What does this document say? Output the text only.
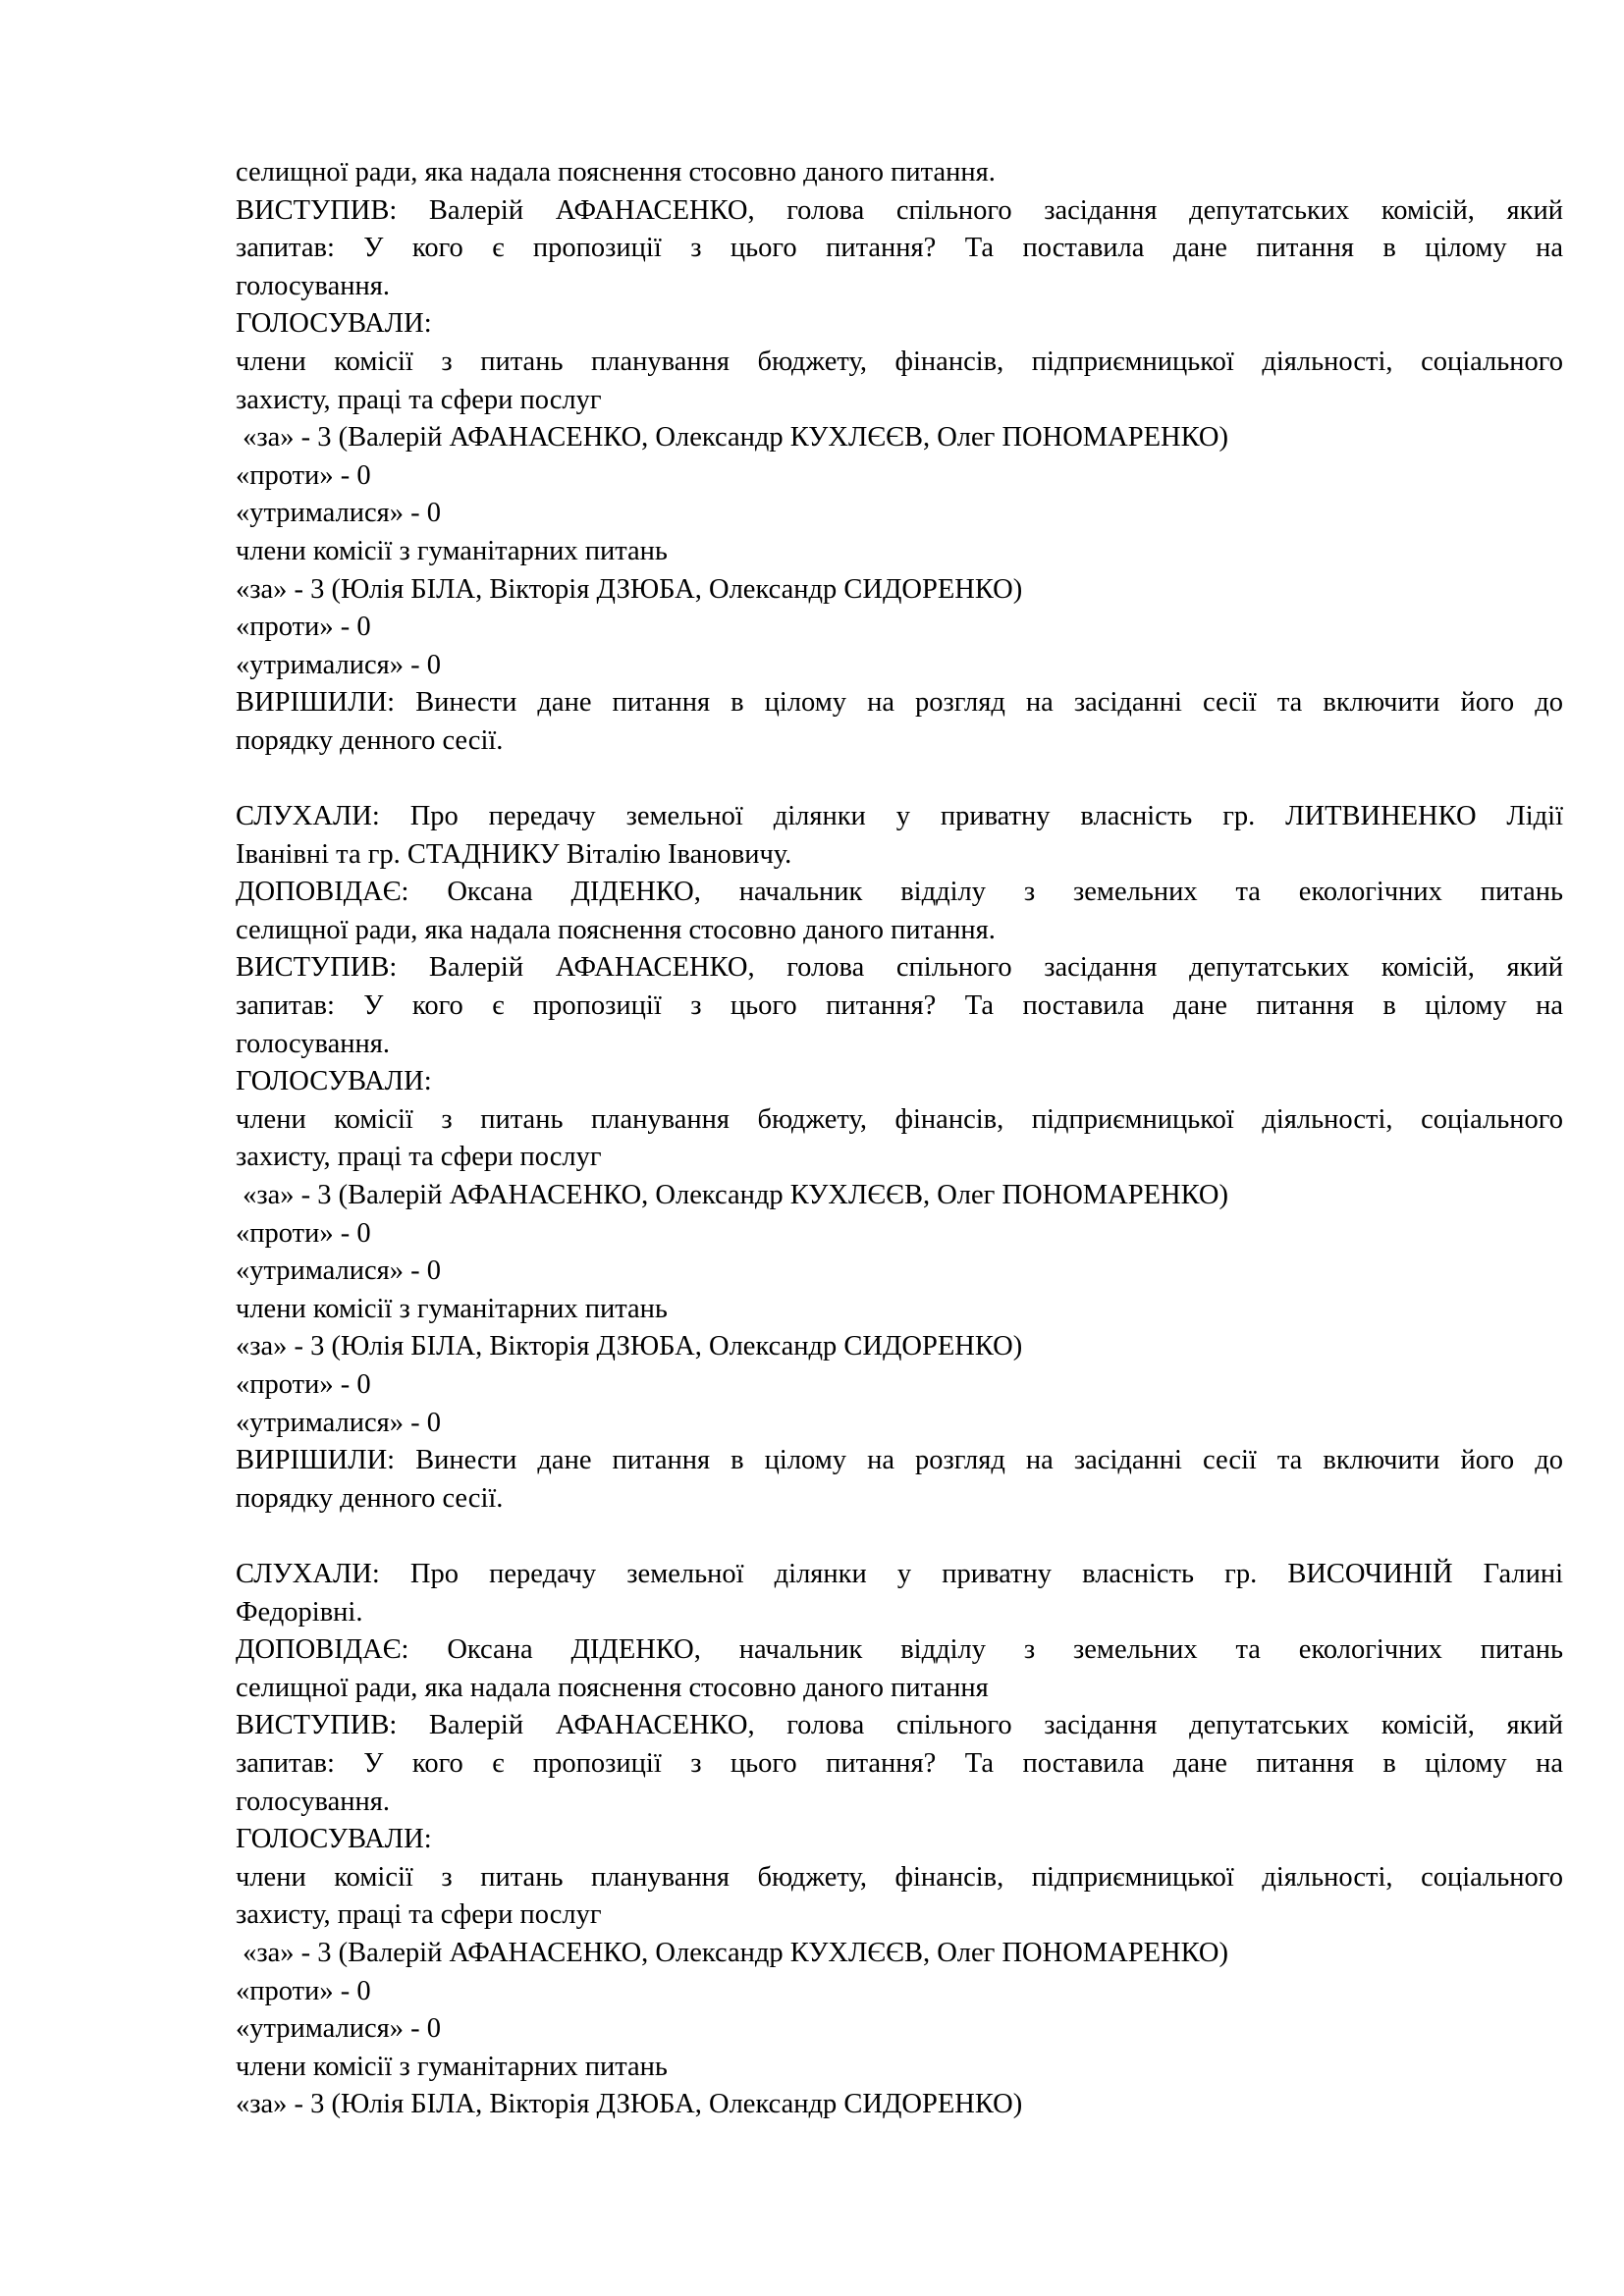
селищної ради, яка надала пояснення стосовно даного питання.
ВИСТУПИВ: Валерій АФАНАСЕНКО, голова спільного засідання депутатських комісій, який
запитав: У кого є пропозиції з цього питання? Та поставила дане питання в цілому на
голосування.
ГОЛОСУВАЛИ:
члени комісії з питань планування бюджету, фінансів, підприємницької діяльності, соціального
захисту, праці та сфери послуг
«за» - 3 (Валерій АФАНАСЕНКО, Олександр КУХЛЄЄВ, Олег ПОНОМАРЕНКО)
«проти» - 0
«утрималися» - 0
члени комісії з гуманітарних питань
«за» - 3 (Юлія БІЛА, Вікторія ДЗЮБА, Олександр СИДОРЕНКО)
«проти» - 0
«утрималися» - 0
ВИРІШИЛИ: Винести дане питання в цілому на розгляд на засіданні сесії та включити його до
порядку денного сесії.
СЛУХАЛИ: Про передачу земельної ділянки у приватну власність гр. ЛИТВИНЕНКО Лідії
Іванівні та гр. СТАДНИКУ Віталію Івановичу.
ДОПОВІДАЄ: Оксана ДІДЕНКО, начальник відділу з земельних та екологічних питань
селищної ради, яка надала пояснення стосовно даного питання.
ВИСТУПИВ: Валерій АФАНАСЕНКО, голова спільного засідання депутатських комісій, який
запитав: У кого є пропозиції з цього питання? Та поставила дане питання в цілому на
голосування.
ГОЛОСУВАЛИ:
члени комісії з питань планування бюджету, фінансів, підприємницької діяльності, соціального
захисту, праці та сфери послуг
«за» - 3 (Валерій АФАНАСЕНКО, Олександр КУХЛЄЄВ, Олег ПОНОМАРЕНКО)
«проти» - 0
«утрималися» - 0
члени комісії з гуманітарних питань
«за» - 3 (Юлія БІЛА, Вікторія ДЗЮБА, Олександр СИДОРЕНКО)
«проти» - 0
«утрималися» - 0
ВИРІШИЛИ: Винести дане питання в цілому на розгляд на засіданні сесії та включити його до
порядку денного сесії.
СЛУХАЛИ: Про передачу земельної ділянки у приватну власність гр. ВИСОЧИНІЙ Галині
Федорівні.
ДОПОВІДАЄ: Оксана ДІДЕНКО, начальник відділу з земельних та екологічних питань
селищної ради, яка надала пояснення стосовно даного питання
ВИСТУПИВ: Валерій АФАНАСЕНКО, голова спільного засідання депутатських комісій, який
запитав: У кого є пропозиції з цього питання? Та поставила дане питання в цілому на
голосування.
ГОЛОСУВАЛИ:
члени комісії з питань планування бюджету, фінансів, підприємницької діяльності, соціального
захисту, праці та сфери послуг
«за» - 3 (Валерій АФАНАСЕНКО, Олександр КУХЛЄЄВ, Олег ПОНОМАРЕНКО)
«проти» - 0
«утрималися» - 0
члени комісії з гуманітарних питань
«за» - 3 (Юлія БІЛА, Вікторія ДЗЮБА, Олександр СИДОРЕНКО)
